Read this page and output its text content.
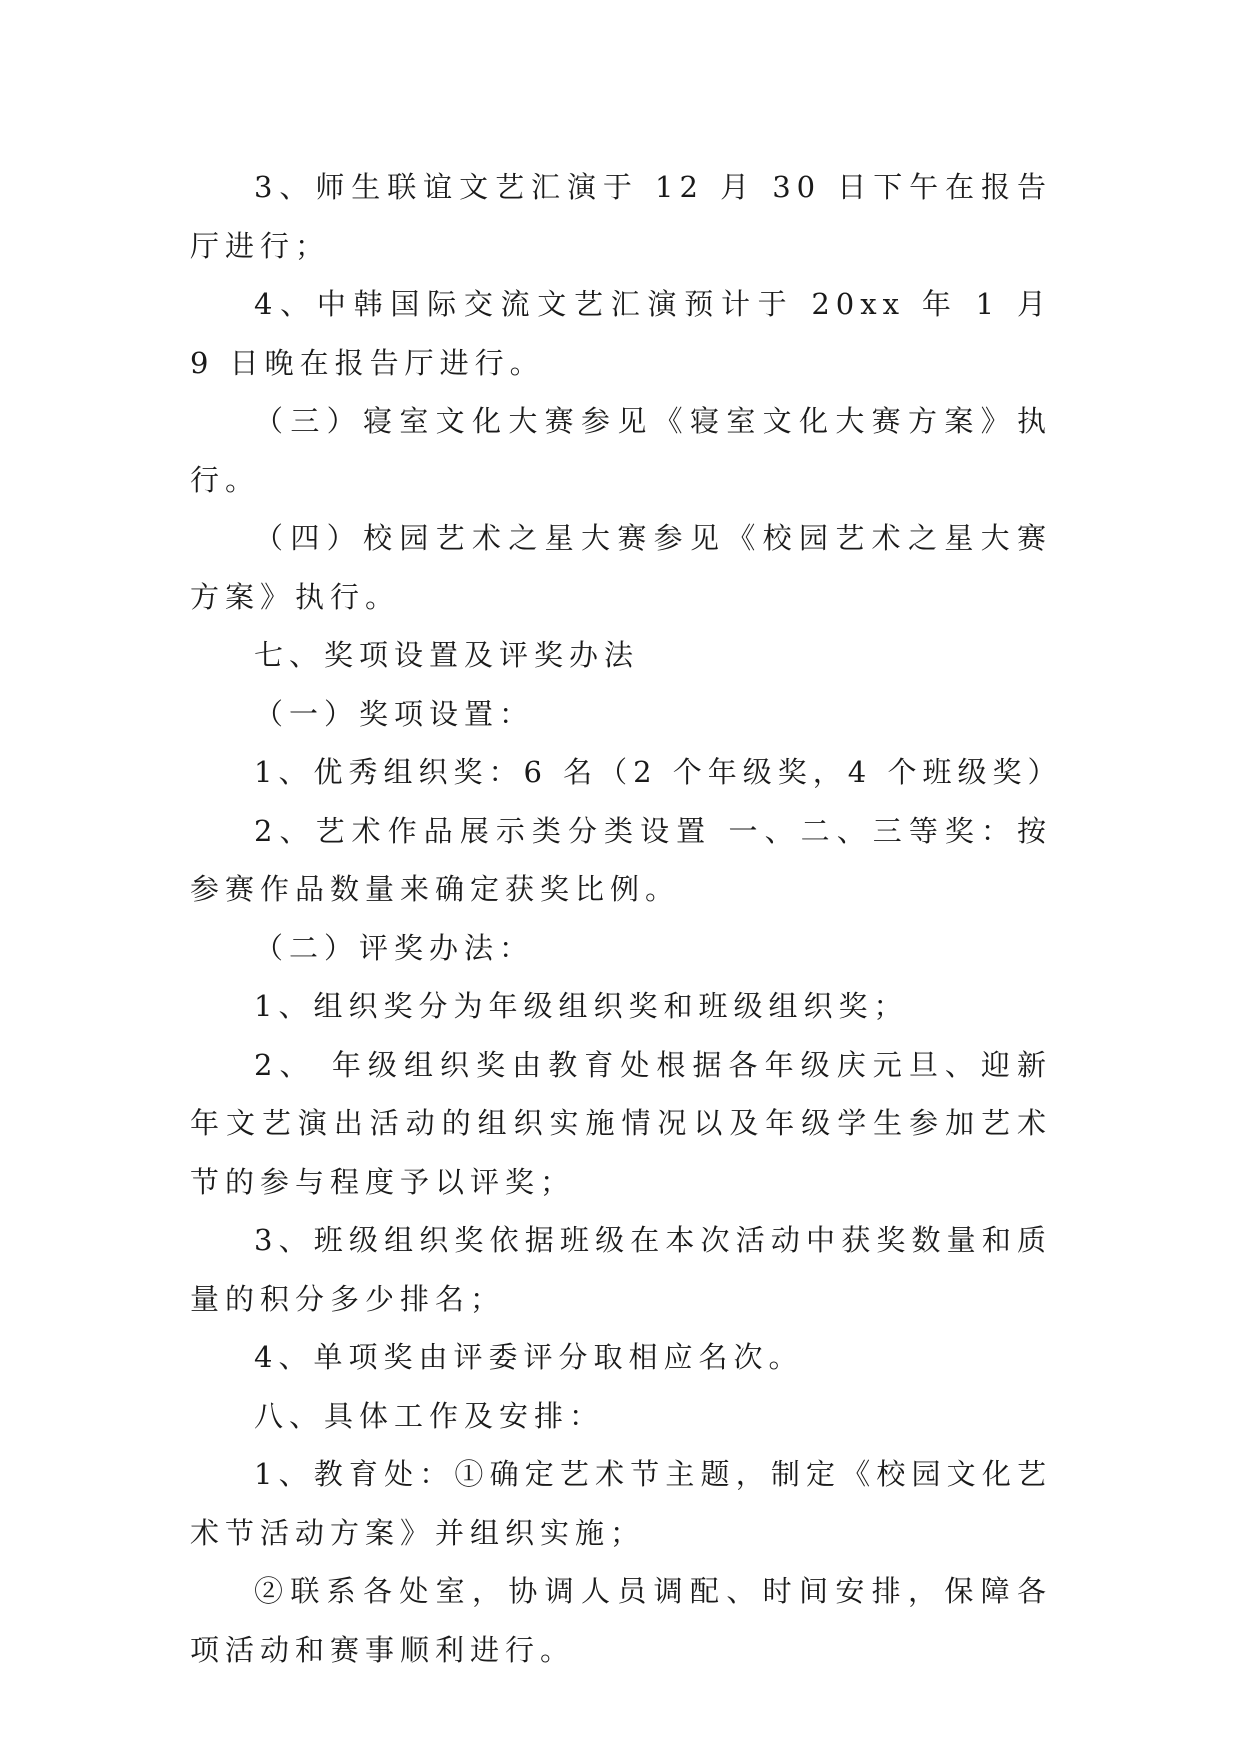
3、师生联谊文艺汇演于 12 月 30 日下午在报告厅进行；

4、中韩国际交流文艺汇演预计于 20xx 年 1 月 9 日晚在报告厅进行。

（三）寝室文化大赛参见《寝室文化大赛方案》执行。

（四）校园艺术之星大赛参见《校园艺术之星大赛方案》执行。

七、奖项设置及评奖办法

（一）奖项设置：

1、优秀组织奖：6 名（2 个年级奖，4 个班级奖）

2、艺术作品展示类分类设置 一、二、三等奖：按参赛作品数量来确定获奖比例。

（二）评奖办法：

1、组织奖分为年级组织奖和班级组织奖；

2、 年级组织奖由教育处根据各年级庆元旦、迎新年文艺演出活动的组织实施情况以及年级学生参加艺术节的参与程度予以评奖；

3、班级组织奖依据班级在本次活动中获奖数量和质量的积分多少排名；

4、单项奖由评委评分取相应名次。

八、具体工作及安排：

1、教育处：①确定艺术节主题，制定《校园文化艺术节活动方案》并组织实施；

②联系各处室，协调人员调配、时间安排，保障各项活动和赛事顺利进行。
